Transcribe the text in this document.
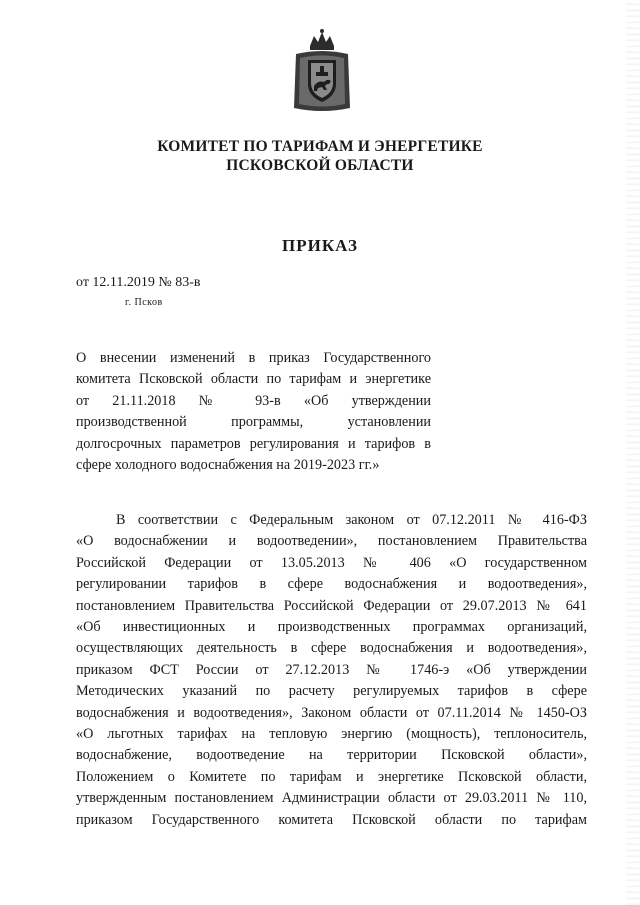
КОМИТЕТ ПО ТАРИФАМ И ЭНЕРГЕТИКЕ
ПСКОВСКОЙ ОБЛАСТИ
ПРИКАЗ
от 12.11.2019 № 83-в
г. Псков
О внесении изменений в приказ Государственного
комитета Псковской области по тарифам и энергетике
от 21.11.2018 № 93-в «Об утверждении
производственной программы, установлении
долгосрочных параметров регулирования и тарифов в
сфере холодного водоснабжения на 2019-2023 гг.»
В соответствии с Федеральным законом от 07.12.2011 № 416-ФЗ
«О водоснабжении и водоотведении», постановлением Правительства
Российской Федерации от 13.05.2013 № 406 «О государственном
регулировании тарифов в сфере водоснабжения и водоотведения»,
постановлением Правительства Российской Федерации от 29.07.2013 № 641
«Об инвестиционных и производственных программах организаций,
осуществляющих деятельность в сфере водоснабжения и водоотведения»,
приказом ФСТ России от 27.12.2013 № 1746-э «Об утверждении
Методических указаний по расчету регулируемых тарифов в сфере
водоснабжения и водоотведения», Законом области от 07.11.2014 № 1450-ОЗ
«О льготных тарифах на тепловую энергию (мощность), теплоноситель,
водоснабжение, водоотведение на территории Псковской области»,
Положением о Комитете по тарифам и энергетике Псковской области,
утвержденным постановлением Администрации области от 29.03.2011 № 110,
приказом Государственного комитета Псковской области по тарифам
